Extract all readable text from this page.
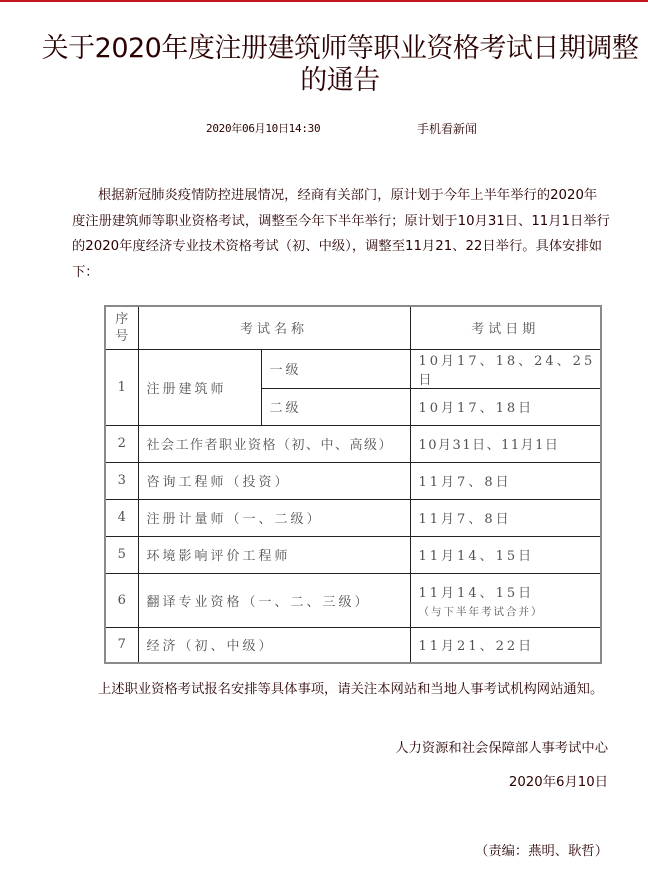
关于2020年度注册建筑师等职业资格考试日期调整的通告
2020年06月10日14:30	手机看新闻

根据新冠肺炎疫情防控进展情况，经商有关部门，原计划于今年上半年举行的2020年度注册建筑师等职业资格考试，调整至今年下半年举行；原计划于10月31日、11月1日举行的2020年度经济专业技术资格考试（初、中级），调整至11月21、22日举行。具体安排如下：

序号	考试名称		考试日期
1	注册建筑师	一级	10月17、18、24、25日
		二级	10月17、18日
2	社会工作者职业资格（初、中、高级）		10月31日、11月1日
3	咨询工程师（投资）		11月7、8日
4	注册计量师（一、二级）		11月7、8日
5	环境影响评价工程师		11月14、15日
6	翻译专业资格（一、二、三级）		11月14、15日
（与下半年考试合并）

7	经济（初、中级）		11月21、22日

上述职业资格考试报名安排等具体事项，请关注本网站和当地人事考试机构网站通知。

人力资源和社会保障部人事考试中心
2020年6月10日
（责编：燕明、耿哲）
